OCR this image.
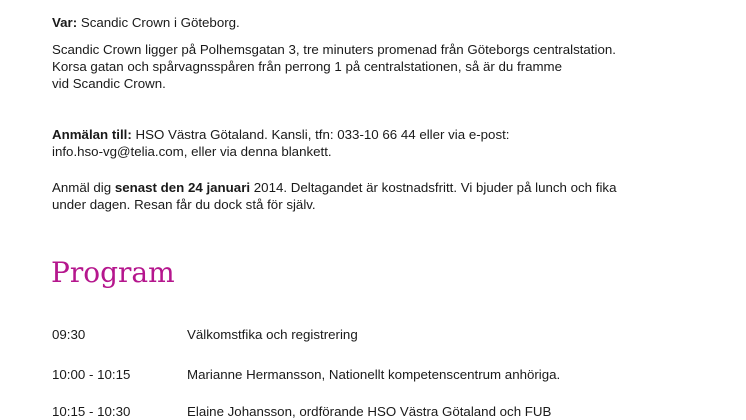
Var: Scandic Crown i Göteborg.

Scandic Crown ligger på Polhemsgatan 3, tre minuters promenad från Göteborgs centralstation.
Korsa gatan och spårvagnsspåren från perrong 1 på centralstationen, så är du framme
vid Scandic Crown.

Anmälan till: HSO Västra Götaland. Kansli, tfn: 033-10 66 44 eller via e-post:
info.hso-vg@telia.com, eller via denna blankett.

Anmäl dig senast den 24 januari 2014. Deltagandet är kostnadsfritt. Vi bjuder på lunch och fika
under dagen. Resan får du dock stå för själv.

Program
09:30	Välkomstfika och registrering
10:00 - 10:15	Marianne Hermansson, Nationellt kompetenscentrum anhöriga.
10:15 - 10:30	Elaine Johansson, ordförande HSO Västra Götaland och FUB
